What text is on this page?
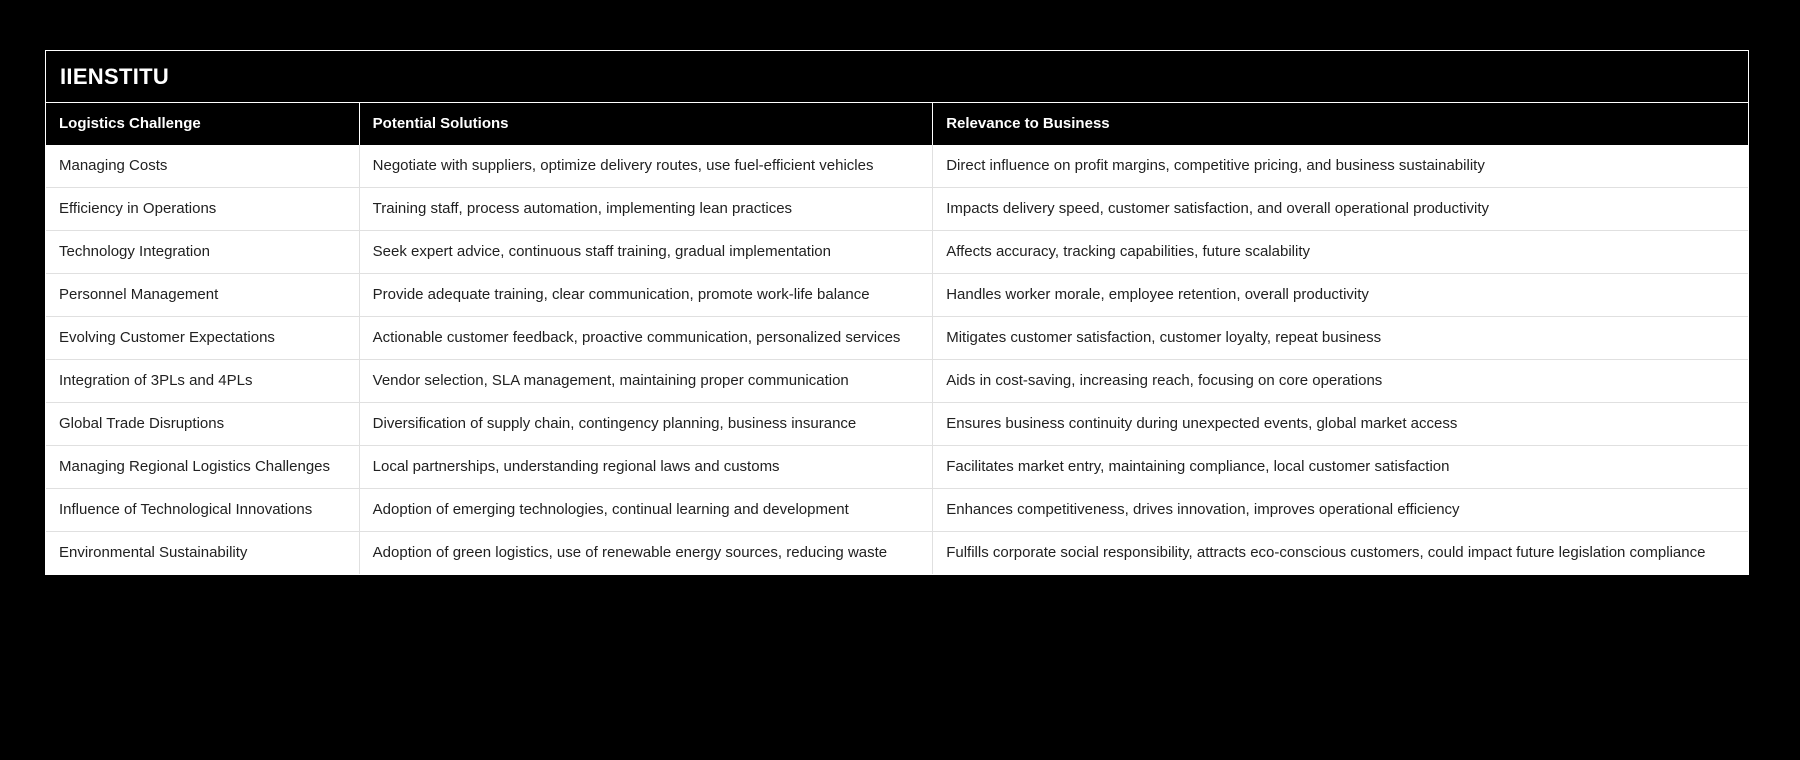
IIENSTITU
Logistics Challenge	Potential Solutions	Relevance to Business
Managing Costs	Negotiate with suppliers, optimize delivery routes, use fuel-efficient vehicles	Direct influence on profit margins, competitive pricing, and business sustainability
Efficiency in Operations	Training staff, process automation, implementing lean practices	Impacts delivery speed, customer satisfaction, and overall operational productivity
Technology Integration	Seek expert advice, continuous staff training, gradual implementation	Affects accuracy, tracking capabilities, future scalability
Personnel Management	Provide adequate training, clear communication, promote work-life balance	Handles worker morale, employee retention, overall productivity
Evolving Customer Expectations	Actionable customer feedback, proactive communication, personalized services	Mitigates customer satisfaction, customer loyalty, repeat business
Integration of 3PLs and 4PLs	Vendor selection, SLA management, maintaining proper communication	Aids in cost-saving, increasing reach, focusing on core operations
Global Trade Disruptions	Diversification of supply chain, contingency planning, business insurance	Ensures business continuity during unexpected events, global market access
Managing Regional Logistics Challenges	Local partnerships, understanding regional laws and customs	Facilitates market entry, maintaining compliance, local customer satisfaction
Influence of Technological Innovations	Adoption of emerging technologies, continual learning and development	Enhances competitiveness, drives innovation, improves operational efficiency
Environmental Sustainability	Adoption of green logistics, use of renewable energy sources, reducing waste	Fulfills corporate social responsibility, attracts eco-conscious customers, could impact future legislation compliance
